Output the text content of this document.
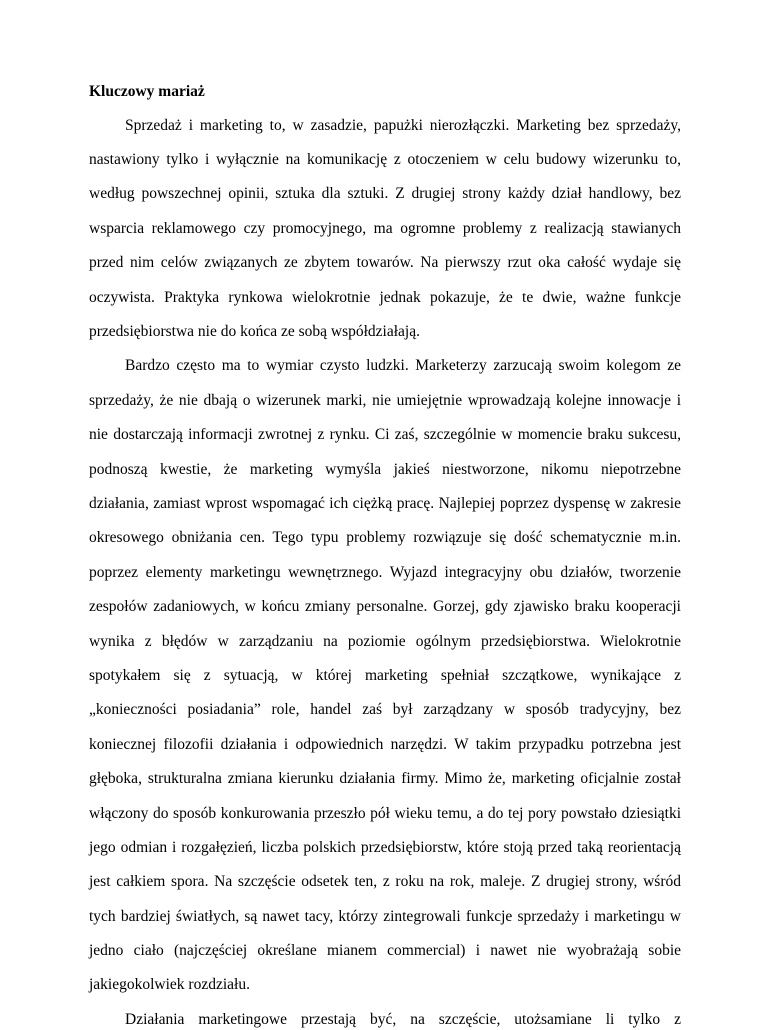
Kluczowy mariaż
Sprzedaż i marketing to, w zasadzie, papużki nierozłączki. Marketing bez sprzedaży,
nastawiony tylko i wyłącznie na komunikację z otoczeniem w celu budowy wizerunku to,
według powszechnej opinii, sztuka dla sztuki. Z drugiej strony każdy dział handlowy, bez
wsparcia reklamowego czy promocyjnego, ma ogromne problemy z realizacją stawianych
przed nim celów związanych ze zbytem towarów. Na pierwszy rzut oka całość wydaje się
oczywista. Praktyka rynkowa wielokrotnie jednak pokazuje, że te dwie, ważne funkcje
przedsiębiorstwa nie do końca ze sobą współdziałają.
Bardzo często ma to wymiar czysto ludzki. Marketerzy zarzucają swoim kolegom ze
sprzedaży, że nie dbają o wizerunek marki, nie umiejętnie wprowadzają kolejne innowacje i
nie dostarczają informacji zwrotnej z rynku. Ci zaś, szczególnie w momencie braku sukcesu,
podnoszą kwestie, że marketing wymyśla jakieś niestworzone, nikomu niepotrzebne
działania, zamiast wprost wspomagać ich ciężką pracę. Najlepiej poprzez dyspensę w zakresie
okresowego obniżania cen. Tego typu problemy rozwiązuje się dość schematycznie m.in.
poprzez elementy marketingu wewnętrznego. Wyjazd integracyjny obu działów, tworzenie
zespołów zadaniowych, w końcu zmiany personalne. Gorzej, gdy zjawisko braku kooperacji
wynika z błędów w zarządzaniu na poziomie ogólnym przedsiębiorstwa. Wielokrotnie
spotykałem się z sytuacją, w której marketing spełniał szczątkowe, wynikające z
„konieczności posiadania” role, handel zaś był zarządzany w sposób tradycyjny, bez
koniecznej filozofii działania i odpowiednich narzędzi. W takim przypadku potrzebna jest
głęboka, strukturalna zmiana kierunku działania firmy. Mimo że, marketing oficjalnie został
włączony do sposób konkurowania przeszło pół wieku temu, a do tej pory powstało dziesiątki
jego odmian i rozgałęzień, liczba polskich przedsiębiorstw, które stoją przed taką reorientacją
jest całkiem spora. Na szczęście odsetek ten, z roku na rok, maleje. Z drugiej strony, wśród
tych bardziej światłych, są nawet tacy, którzy zintegrowali funkcje sprzedaży i marketingu w
jedno ciało (najczęściej określane mianem commercial) i nawet nie wyobrażają sobie
jakiegokolwiek rozdziału.
Działania marketingowe przestają być, na szczęście, utożsamiane li tylko z
